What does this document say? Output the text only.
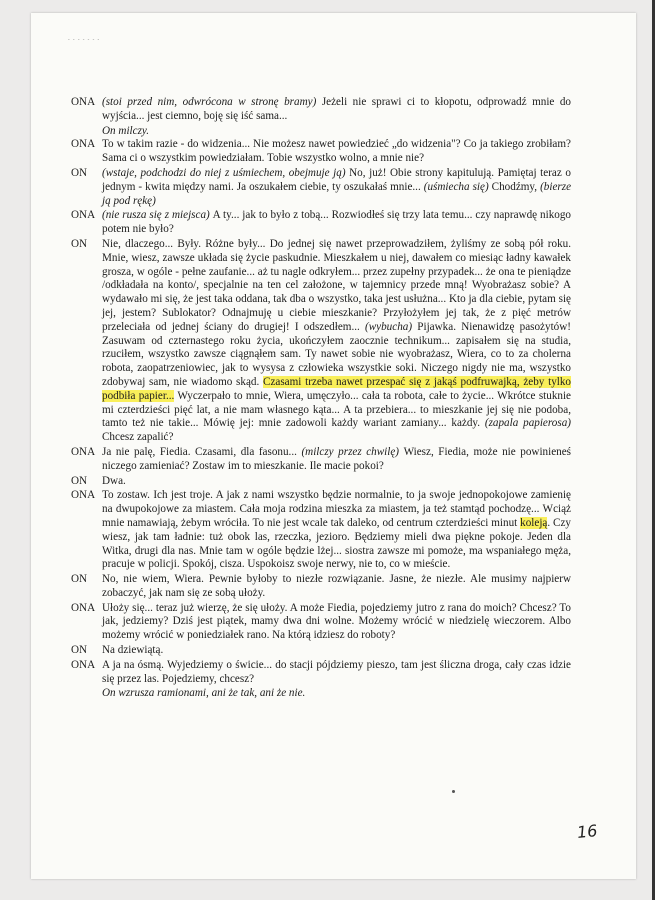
- - - - - - -
ONA (stoi przed nim, odwrócona w stronę bramy) Jeżeli nie sprawi ci to kłopotu, odprowadź mnie do wyjścia... jest ciemno, boję się iść sama...
On milczy.
ONA To w takim razie - do widzenia... Nie możesz nawet powiedzieć „do widzenia"? Co ja takiego zrobiłam? Sama ci o wszystkim powiedziałam. Tobie wszystko wolno, a mnie nie?
ON	(wstaje, podchodzi do niej z uśmiechem, obejmuje ją) No, już! Obie strony kapitulują. Pamiętaj teraz o jednym - kwita między nami. Ja oszukałem ciebie, ty oszukałaś mnie... (uśmiecha się) Chodźmy, (bierze ją pod rękę)
ONA (nie rusza się z miejsca) A ty... jak to było z tobą... Rozwiodłeś się trzy lata temu... czy naprawdę nikogo potem nie było?
ON	Nie, dlaczego... Były. Różne były... Do jednej się nawet przeprowadziłem, żyliśmy ze sobą pół roku. Mnie, wiesz, zawsze układa się życie paskudnie. Mieszkałem u niej, dawałem co miesiąc ładny kawałek grosza, w ogóle - pełne zaufanie... aż tu nagle odkryłem... przez zupełny przypadek... że ona te pieniądze /odkładała na konto/, specjalnie na ten cel założone, w tajemnicy przede mną! Wyobrażasz sobie? A wydawało mi się, że jest taka oddana, tak dba o wszystko, taka jest usłużna... Kto ja dla ciebie, pytam się jej, jestem? Sublokator? Odnajmuję u ciebie mieszkanie? Przyłożyłem jej tak, że z pięć metrów przeleciała od jednej ściany do drugiej! I odszedłem... (wybucha) Pijawka. Nienawidzę pasożytów! Zasuwam od czternastego roku życia, ukończyłem zaocznie technikum... zapisałem się na studia, rzuciłem, wszystko zawsze ciągnąłem sam. Ty nawet sobie nie wyobrażasz, Wiera, co to za cholerna robota, zaopatrzeniowiec, jak to wysysa z człowieka wszystkie soki. Niczego nigdy nie ma, wszystko zdobywaj sam, nie wiadomo skąd. Czasami trzeba nawet przespać się z jakąś podfruwajką, żeby tylko podbiła papier... Wyczerpało to mnie, Wiera, umęczyło... cała ta robota, całe to życie... Wkrótce stuknie mi czterdzieści pięć lat, a nie mam własnego kąta... A ta przebiera... to mieszkanie jej się nie podoba, tamto też nie takie... Mówię jej: mnie zadowoli każdy wariant zamiany... każdy. (zapala papierosa) Chcesz zapalić?
ONA Ja nie palę, Fiedia. Czasami, dla fasonu... (milczy przez chwilę) Wiesz, Fiedia, może nie powinieneś niczego zamieniać? Zostaw im to mieszkanie. Ile macie pokoi?
ON	Dwa.
ONA To zostaw. Ich jest troje. A jak z nami wszystko będzie normalnie, to ja swoje jednopokojowe zamienię na dwupokojowe za miastem. Cała moja rodzina mieszka za miastem, ja też stamtąd pochodzę... Wciąż mnie namawiają, żebym wróciła. To nie jest wcale tak daleko, od centrum czterdzieści minut koleją. Czy wiesz, jak tam ładnie: tuż obok las, rzeczka, jezioro. Będziemy mieli dwa piękne pokoje. Jeden dla Witka, drugi dla nas. Mnie tam w ogóle będzie lżej... siostra zawsze mi pomoże, ma wspaniałego męża, pracuje w policji. Spokój, cisza. Uspokoisz swoje nerwy, nie to, co w mieście.
ON	No, nie wiem, Wiera. Pewnie byłoby to niezłe rozwiązanie. Jasne, że niezłe. Ale musimy najpierw zobaczyć, jak nam się ze sobą ułoży.
ONA Ułoży się... teraz już wierzę, że się ułoży. A może Fiedia, pojedziemy jutro z rana do moich? Chcesz? To jak, jedziemy? Dziś jest piątek, mamy dwa dni wolne. Możemy wrócić w niedzielę wieczorem. Albo możemy wrócić w poniedziałek rano. Na którą idziesz do roboty?
ON	Na dziewiątą.
ONA A ja na ósmą. Wyjedziemy o świcie... do stacji pójdziemy pieszo, tam jest śliczna droga, cały czas idzie się przez las. Pojedziemy, chcesz?
On wzrusza ramionami, ani że tak, ani że nie.
16
